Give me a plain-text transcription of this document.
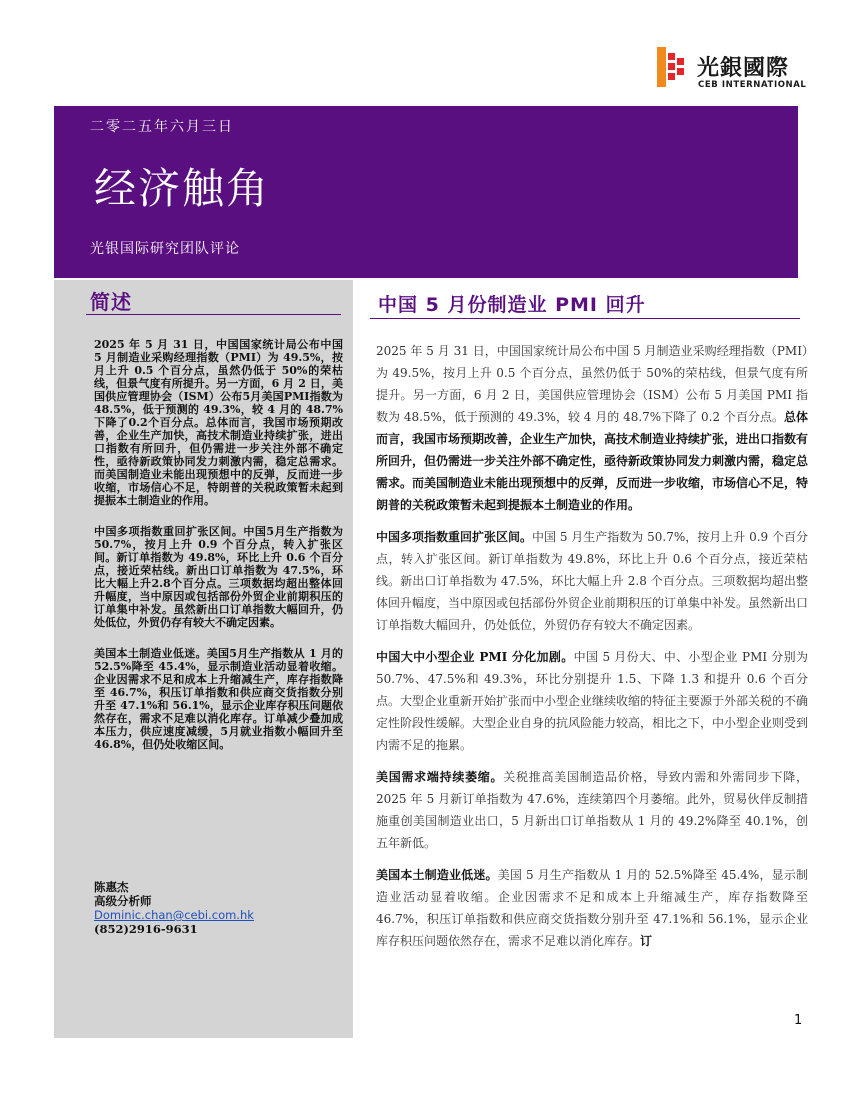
光銀國際
CEB INTERNATIONAL
二零二五年六月三日
经济触角
光银国际研究团队评论
简述

2025 年 5 月 31 日，中国国家统计局公布中国 5 月制造业采购经理指数（PMI）为 49.5%，按月上升 0.5 个百分点，虽然仍低于 50%的荣枯线，但景气度有所提升。另一方面，6 月 2 日，美国供应管理协会（ISM）公布5月美国PMI指数为48.5%，低于预测的 49.3%，较 4 月的 48.7%下降了0.2个百分点。总体而言，我国市场预期改善，企业生产加快，高技术制造业持续扩张，进出口指数有所回升，但仍需进一步关注外部不确定性，亟待新政策协同发力刺激内需，稳定总需求。而美国制造业未能出现预想中的反弹，反而进一步收缩，市场信心不足，特朗普的关税政策暂未起到提振本土制造业的作用。

中国多项指数重回扩张区间。中国5月生产指数为 50.7%，按月上升 0.9 个百分点，转入扩张区间。新订单指数为 49.8%，环比上升 0.6 个百分点，接近荣枯线。新出口订单指数为 47.5%，环比大幅上升2.8个百分点。三项数据均超出整体回升幅度，当中原因或包括部份外贸企业前期积压的订单集中补发。虽然新出口订单指数大幅回升，仍处低位，外贸仍存有较大不确定因素。

美国本土制造业低迷。美国5月生产指数从 1 月的 52.5%降至 45.4%，显示制造业活动显着收缩。企业因需求不足和成本上升缩减生产，库存指数降至 46.7%，积压订单指数和供应商交货指数分别升至 47.1%和 56.1%，显示企业库存积压问题依然存在，需求不足难以消化库存。订单减少叠加成本压力，供应速度减缓，5月就业指数小幅回升至 46.8%，但仍处收缩区间。

陈惠杰
高级分析师
Dominic.chan@cebi.com.hk
(852)2916-9631
中国 5 月份制造业 PMI 回升

2025 年 5 月 31 日，中国国家统计局公布中国 5 月制造业采购经理指数（PMI）为 49.5%，按月上升 0.5 个百分点，虽然仍低于 50%的荣枯线，但景气度有所提升。另一方面，6 月 2 日，美国供应管理协会（ISM）公布 5 月美国 PMI 指数为 48.5%，低于预测的 49.3%，较 4 月的 48.7%下降了 0.2 个百分点。总体而言，我国市场预期改善，企业生产加快，高技术制造业持续扩张，进出口指数有所回升，但仍需进一步关注外部不确定性，亟待新政策协同发力刺激内需，稳定总需求。而美国制造业未能出现预想中的反弹，反而进一步收缩，市场信心不足，特朗普的关税政策暂未起到提振本土制造业的作用。

中国多项指数重回扩张区间。中国 5 月生产指数为 50.7%，按月上升 0.9 个百分点，转入扩张区间。新订单指数为 49.8%，环比上升 0.6 个百分点，接近荣枯线。新出口订单指数为 47.5%，环比大幅上升 2.8 个百分点。三项数据均超出整体回升幅度，当中原因或包括部份外贸企业前期积压的订单集中补发。虽然新出口订单指数大幅回升，仍处低位，外贸仍存有较大不确定因素。

中国大中小型企业 PMI 分化加剧。中国 5 月份大、中、小型企业 PMI 分别为 50.7%、47.5%和 49.3%，环比分别提升 1.5、下降 1.3 和提升 0.6 个百分点。大型企业重新开始扩张而中小型企业继续收缩的特征主要源于外部关税的不确定性阶段性缓解。大型企业自身的抗风险能力较高，相比之下，中小型企业则受到内需不足的拖累。

美国需求端持续萎缩。关税推高美国制造品价格，导致内需和外需同步下降，2025 年 5 月新订单指数为 47.6%，连续第四个月萎缩。此外，贸易伙伴反制措施重创美国制造业出口，5 月新出口订单指数从 1 月的 49.2%降至 40.1%，创五年新低。

美国本土制造业低迷。美国 5 月生产指数从 1 月的 52.5%降至 45.4%，显示制造业活动显着收缩。企业因需求不足和成本上升缩减生产，库存指数降至 46.7%，积压订单指数和供应商交货指数分别升至 47.1%和 56.1%，显示企业库存积压问题依然存在，需求不足难以消化库存。订

1
